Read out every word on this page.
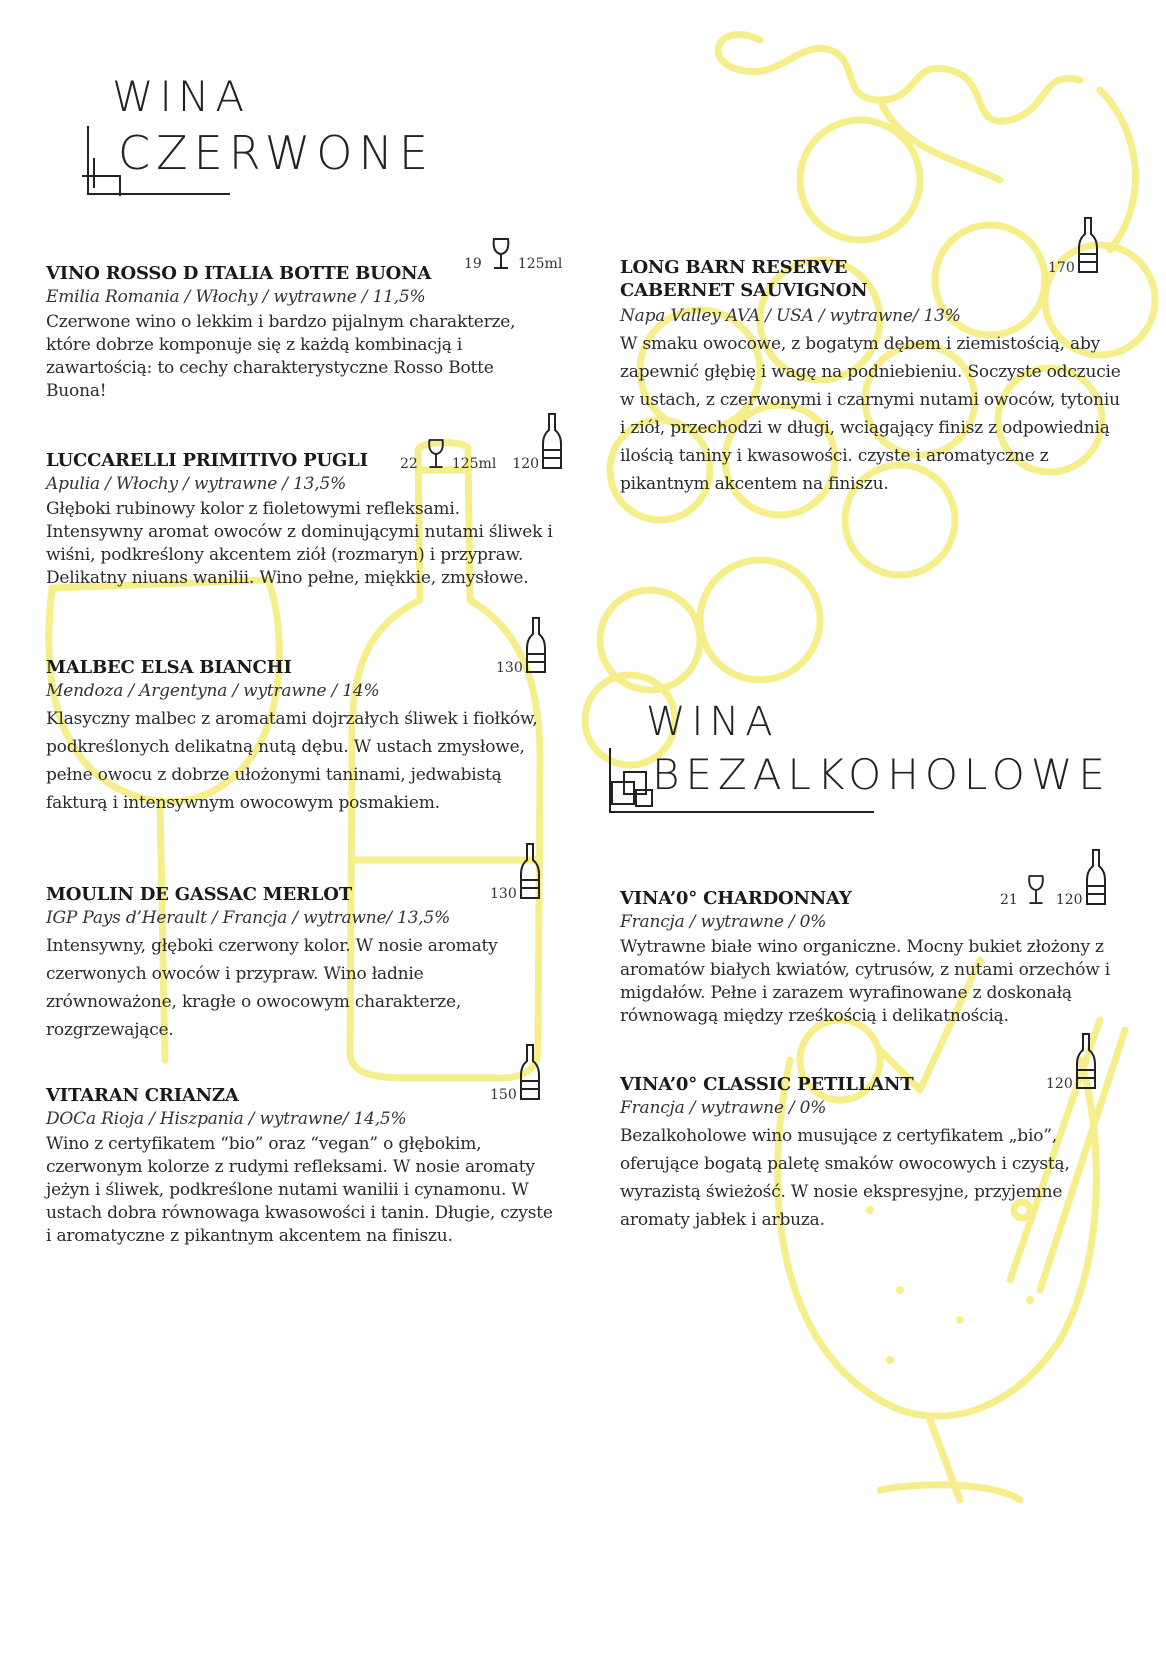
WINA
CZERWONE
WINA
BEZALKOHOLOWE
VINO ROSSO D ITALIA BOTTE BUONA
Emilia Romania / Włochy / wytrawne / 11,5%
Czerwone wino o lekkim i bardzo pijalnym charakterze, które dobrze komponuje się z każdą kombinacją i zawartością: to cechy charakterystyczne Rosso Botte Buona!
19	125ml
LUCCARELLI PRIMITIVO PUGLI
Apulia / Włochy / wytrawne / 13,5%
Głęboki rubinowy kolor z fioletowymi refleksami. Intensywny aromat owoców z dominującymi nutami śliwek i wiśni, podkreślony akcentem ziół (rozmaryn) i przypraw. Delikatny niuans wanilii. Wino pełne, miękkie, zmysłowe.
22 125ml 120
MALBEC ELSA BIANCHI
Mendoza / Argentyna / wytrawne / 14%
Klasyczny malbec z aromatami dojrzałych śliwek i fiołków, podkreślonych delikatną nutą dębu. W ustach zmysłowe, pełne owocu z dobrze ułożonymi taninami, jedwabistą fakturą i intensywnym owocowym posmakiem.
130
MOULIN DE GASSAC MERLOT
IGP Pays d’Herault / Francja / wytrawne/ 13,5%
Intensywny, głęboki czerwony kolor. W nosie aromaty czerwonych owoców i przypraw. Wino ładnie zrównoważone, kragłe o owocowym charakterze, rozgrzewające.
130
VITARAN CRIANZA
DOCa Rioja / Hiszpania / wytrawne/ 14,5%
Wino z certyfikatem “bio” oraz “vegan” o głębokim, czerwonym kolorze z rudymi refleksami. W nosie aromaty jeżyn i śliwek, podkreślone nutami wanilii i cynamonu. W ustach dobra równowaga kwasowości i tanin. Długie, czyste i aromatyczne z pikantnym akcentem na finiszu.
150
LONG BARN RESERVE CABERNET SAUVIGNON
Napa Valley AVA / USA / wytrawne/ 13%
W smaku owocowe, z bogatym dębem i ziemistością, aby zapewnić głębię i wagę na podniebieniu. Soczyste odczucie w ustach, z czerwonymi i czarnymi nutami owoców, tytoniu i ziół, przechodzi w długi, wciągający finisz z odpowiednią ilością taniny i kwasowości. czyste i aromatyczne z pikantnym akcentem na finiszu.
170
VINA’0° CHARDONNAY
Francja / wytrawne / 0%
Wytrawne białe wino organiczne. Mocny bukiet złożony z aromatów białych kwiatów, cytrusów, z nutami orzechów i migdałów. Pełne i zarazem wyrafinowane z doskonałą równowagą między rześkością i delikatnością.
21	120
VINA’0° CLASSIC PETILLANT
Francja / wytrawne / 0%
Bezalkoholowe wino musujące z certyfikatem „bio”, oferujące bogatą paletę smaków owocowych i czystą, wyrazistą świeżość. W nosie ekspresyjne, przyjemne aromaty jabłek i arbuza.
120
